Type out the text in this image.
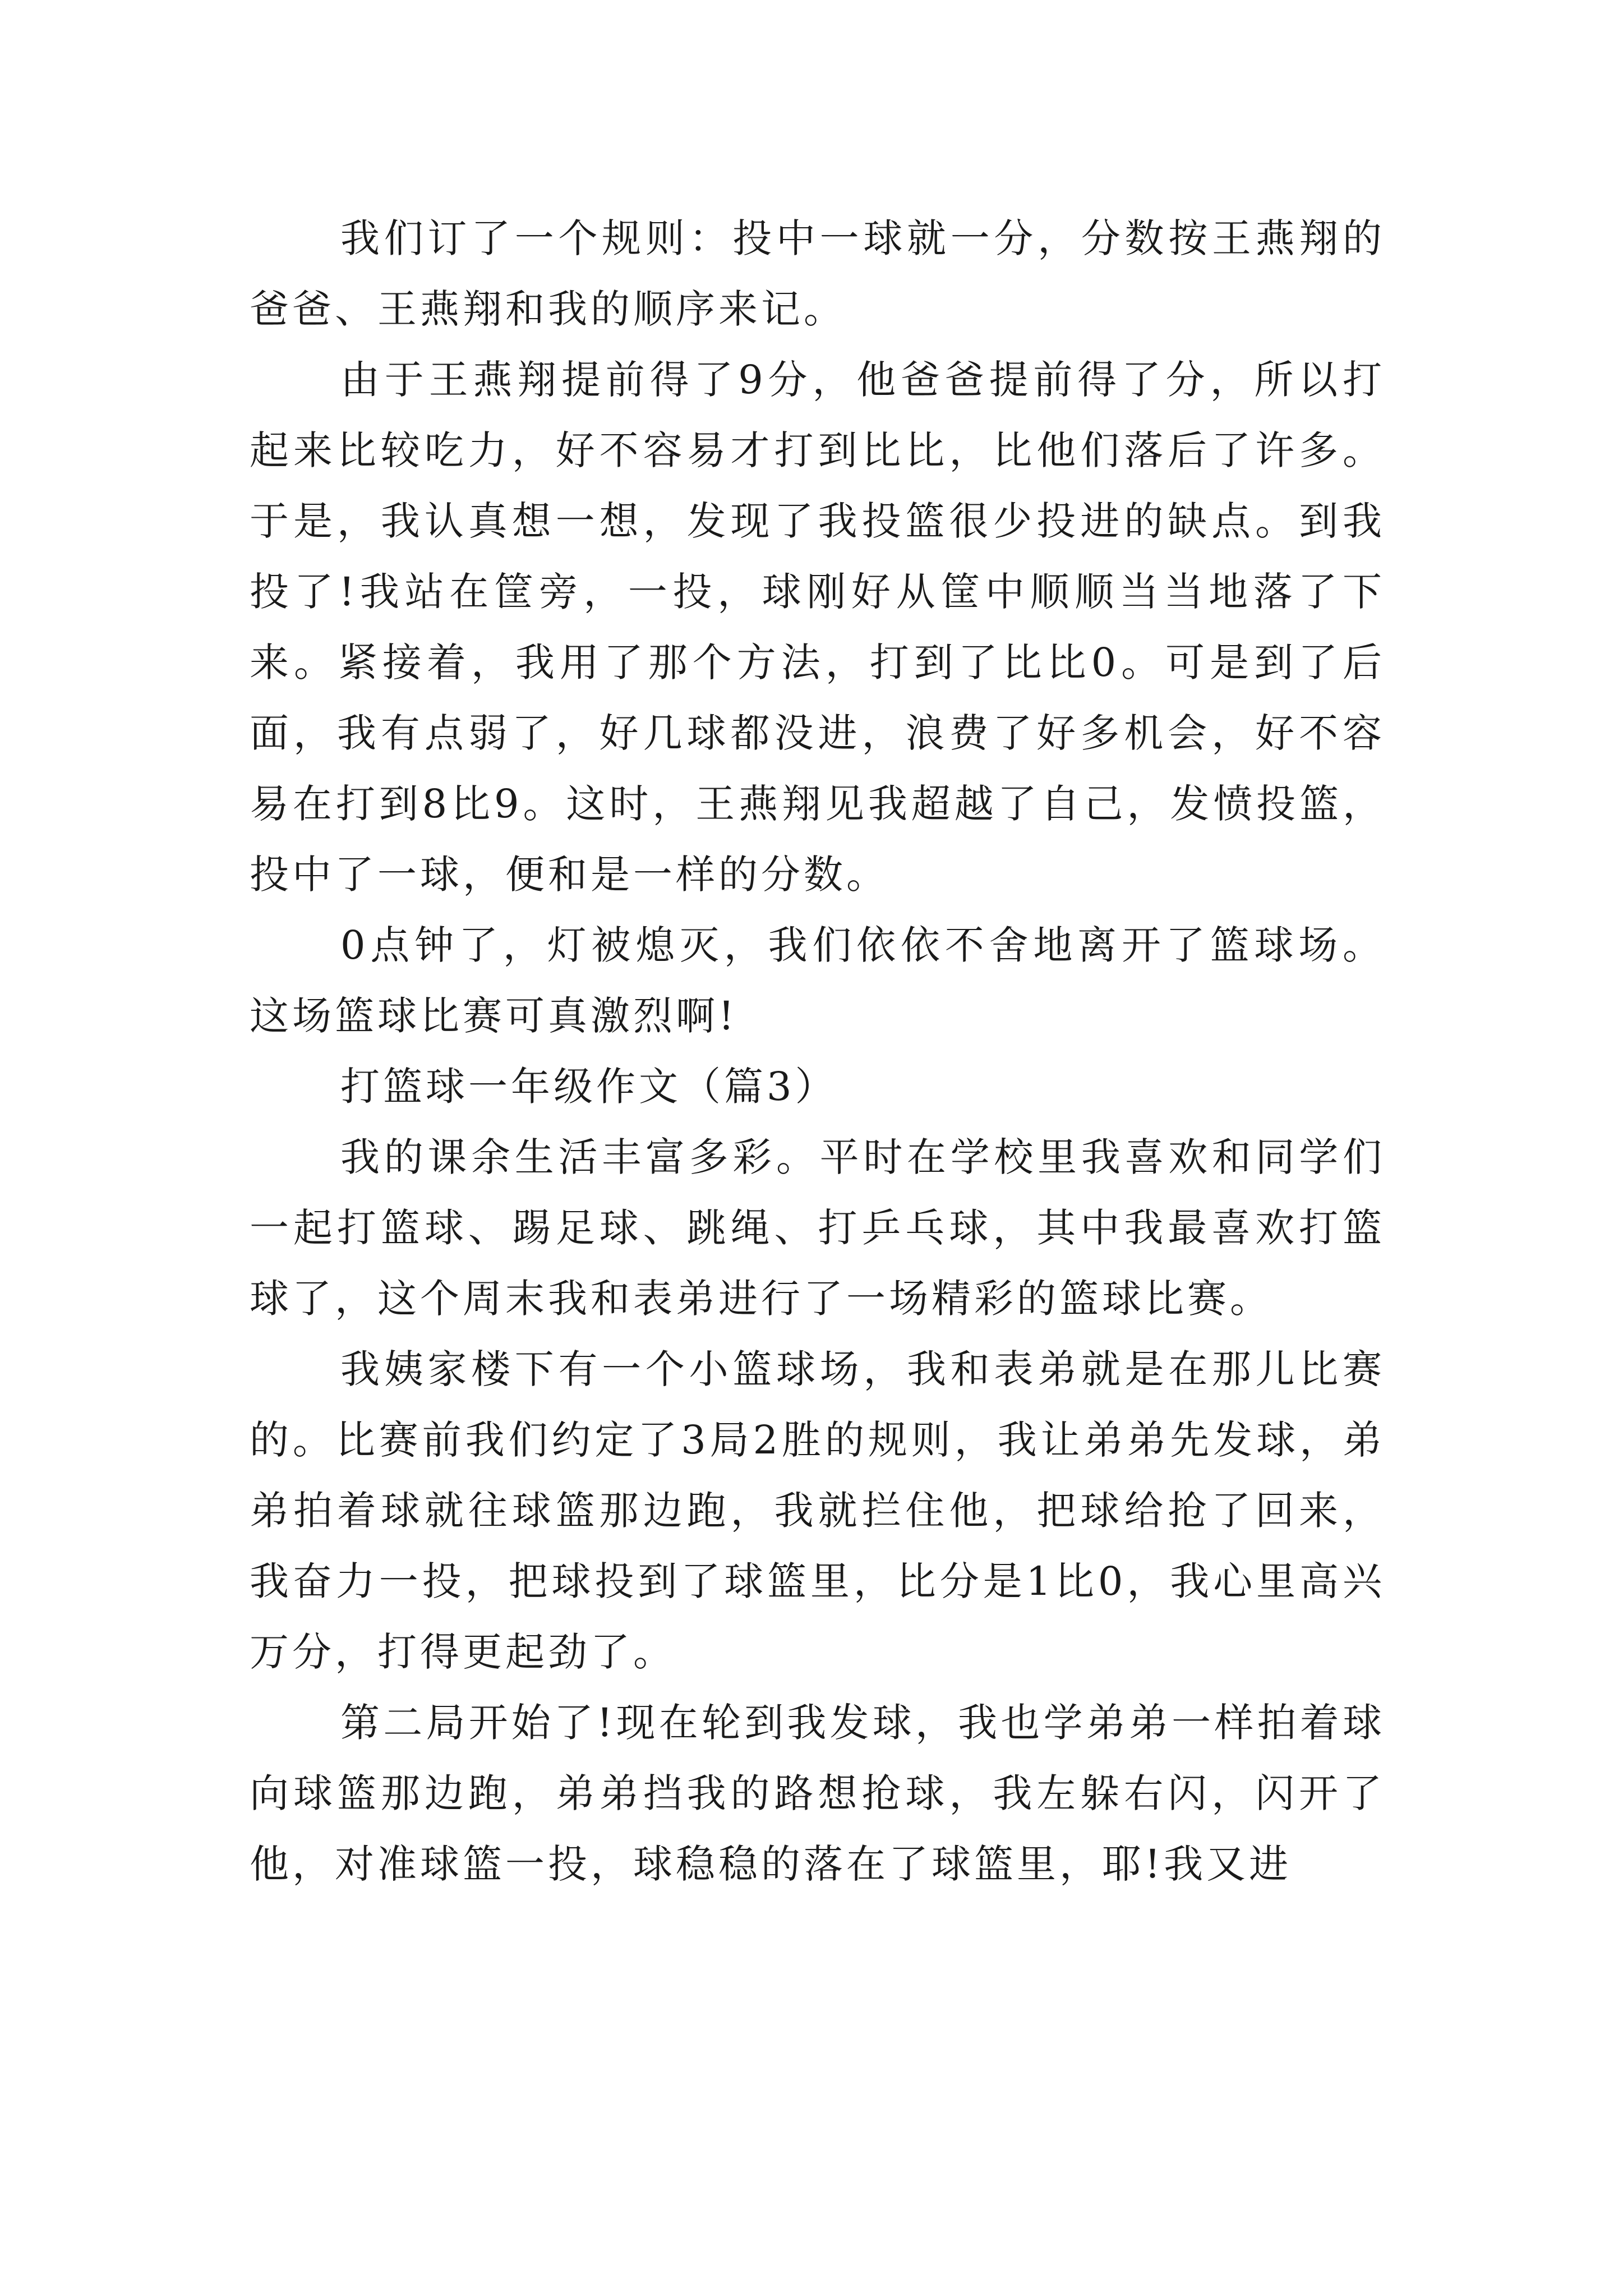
我们订了一个规则：投中一球就一分，分数按王燕翔的爸爸、王燕翔和我的顺序来记。

由于王燕翔提前得了9分，他爸爸提前得了分，所以打起来比较吃力，好不容易才打到比比，比他们落后了许多。于是，我认真想一想，发现了我投篮很少投进的缺点。到我投了!我站在筐旁，一投，球刚好从筐中顺顺当当地落了下来。紧接着，我用了那个方法，打到了比比0。可是到了后面，我有点弱了，好几球都没进，浪费了好多机会，好不容易在打到8比9。这时，王燕翔见我超越了自己，发愤投篮，投中了一球，便和是一样的分数。

0点钟了，灯被熄灭，我们依依不舍地离开了篮球场。这场篮球比赛可真激烈啊!

打篮球一年级作文（篇3）

我的课余生活丰富多彩。平时在学校里我喜欢和同学们一起打篮球、踢足球、跳绳、打乒乓球，其中我最喜欢打篮球了，这个周末我和表弟进行了一场精彩的篮球比赛。

我姨家楼下有一个小篮球场，我和表弟就是在那儿比赛的。比赛前我们约定了3局2胜的规则，我让弟弟先发球，弟弟拍着球就往球篮那边跑，我就拦住他，把球给抢了回来，我奋力一投，把球投到了球篮里，比分是1比0，我心里高兴万分，打得更起劲了。

第二局开始了!现在轮到我发球，我也学弟弟一样拍着球向球篮那边跑，弟弟挡我的路想抢球，我左躲右闪，闪开了他，对准球篮一投，球稳稳的落在了球篮里，耶!我又进
